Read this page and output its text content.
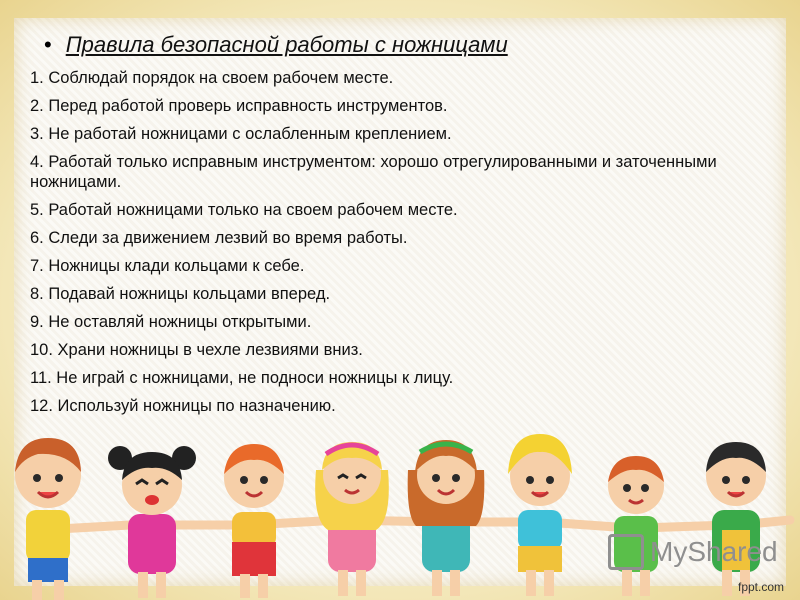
• Правила безопасной работы с ножницами
1. Соблюдай порядок на своем рабочем месте.
2. Перед работой проверь исправность инструментов.
3. Не работай ножницами с ослабленным креплением.
4. Работай только исправным инструментом: хорошо отрегулированными и заточенными ножницами.
5. Работай ножницами только на своем рабочем месте.
6. Следи за движением лезвий во время работы.
7. Ножницы клади кольцами к себе.
8. Подавай ножницы кольцами вперед.
9. Не оставляй ножницы открытыми.
10. Храни ножницы в чехле лезвиями вниз.
11. Не играй с ножницами, не подноси ножницы к лицу.
12. Используй ножницы по назначению.
MyShared
fppt.com
